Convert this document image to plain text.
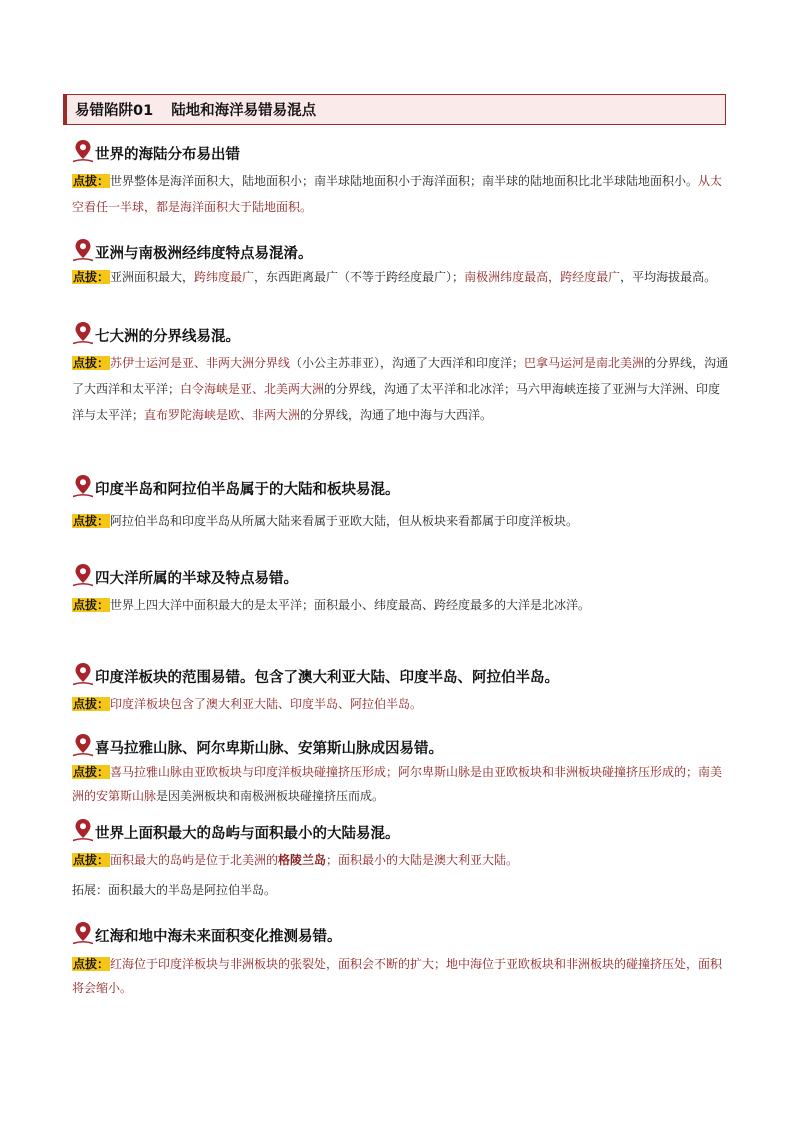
易错陷阱01 陆地和海洋易错易混点
世界的海陆分布易出错
点拔：世界整体是海洋面积大，陆地面积小；南半球陆地面积小于海洋面积；南半球的陆地面积比北半球陆地面积小。从太空看任一半球，都是海洋面积大于陆地面积。
亚洲与南极洲经纬度特点易混淆。
点拔：亚洲面积最大，跨纬度最广，东西距离最广（不等于跨经度最广）；南极洲纬度最高，跨经度最广，平均海拔最高。
七大洲的分界线易混。
点拔：苏伊士运河是亚、非两大洲分界线（小公主苏菲亚），沟通了大西洋和印度洋；巴拿马运河是南北美洲的分界线，沟通了大西洋和太平洋；白令海峡是亚、北美两大洲的分界线，沟通了太平洋和北冰洋；马六甲海峡连接了亚洲与大洋洲、印度洋与太平洋；直布罗陀海峡是欧、非两大洲的分界线，沟通了地中海与大西洋。
印度半岛和阿拉伯半岛属于的大陆和板块易混。
点拔：阿拉伯半岛和印度半岛从所属大陆来看属于亚欧大陆，但从板块来看都属于印度洋板块。
四大洋所属的半球及特点易错。
点拔：世界上四大洋中面积最大的是太平洋；面积最小、纬度最高、跨经度最多的大洋是北冰洋。
印度洋板块的范围易错。包含了澳大利亚大陆、印度半岛、阿拉伯半岛。
点拔：印度洋板块包含了澳大利亚大陆、印度半岛、阿拉伯半岛。
喜马拉雅山脉、阿尔卑斯山脉、安第斯山脉成因易错。
点拔：喜马拉雅山脉由亚欧板块与印度洋板块碰撞挤压形成；阿尔卑斯山脉是由亚欧板块和非洲板块碰撞挤压形成的；南美洲的安第斯山脉是因美洲板块和南极洲板块碰撞挤压而成。
世界上面积最大的岛屿与面积最小的大陆易混。
点拔：面积最大的岛屿是位于北美洲的格陵兰岛；面积最小的大陆是澳大利亚大陆。
拓展：面积最大的半岛是阿拉伯半岛。
红海和地中海未来面积变化推测易错。
点拔：红海位于印度洋板块与非洲板块的张裂处，面积会不断的扩大；地中海位于亚欧板块和非洲板块的碰撞挤压处，面积将会缩小。
